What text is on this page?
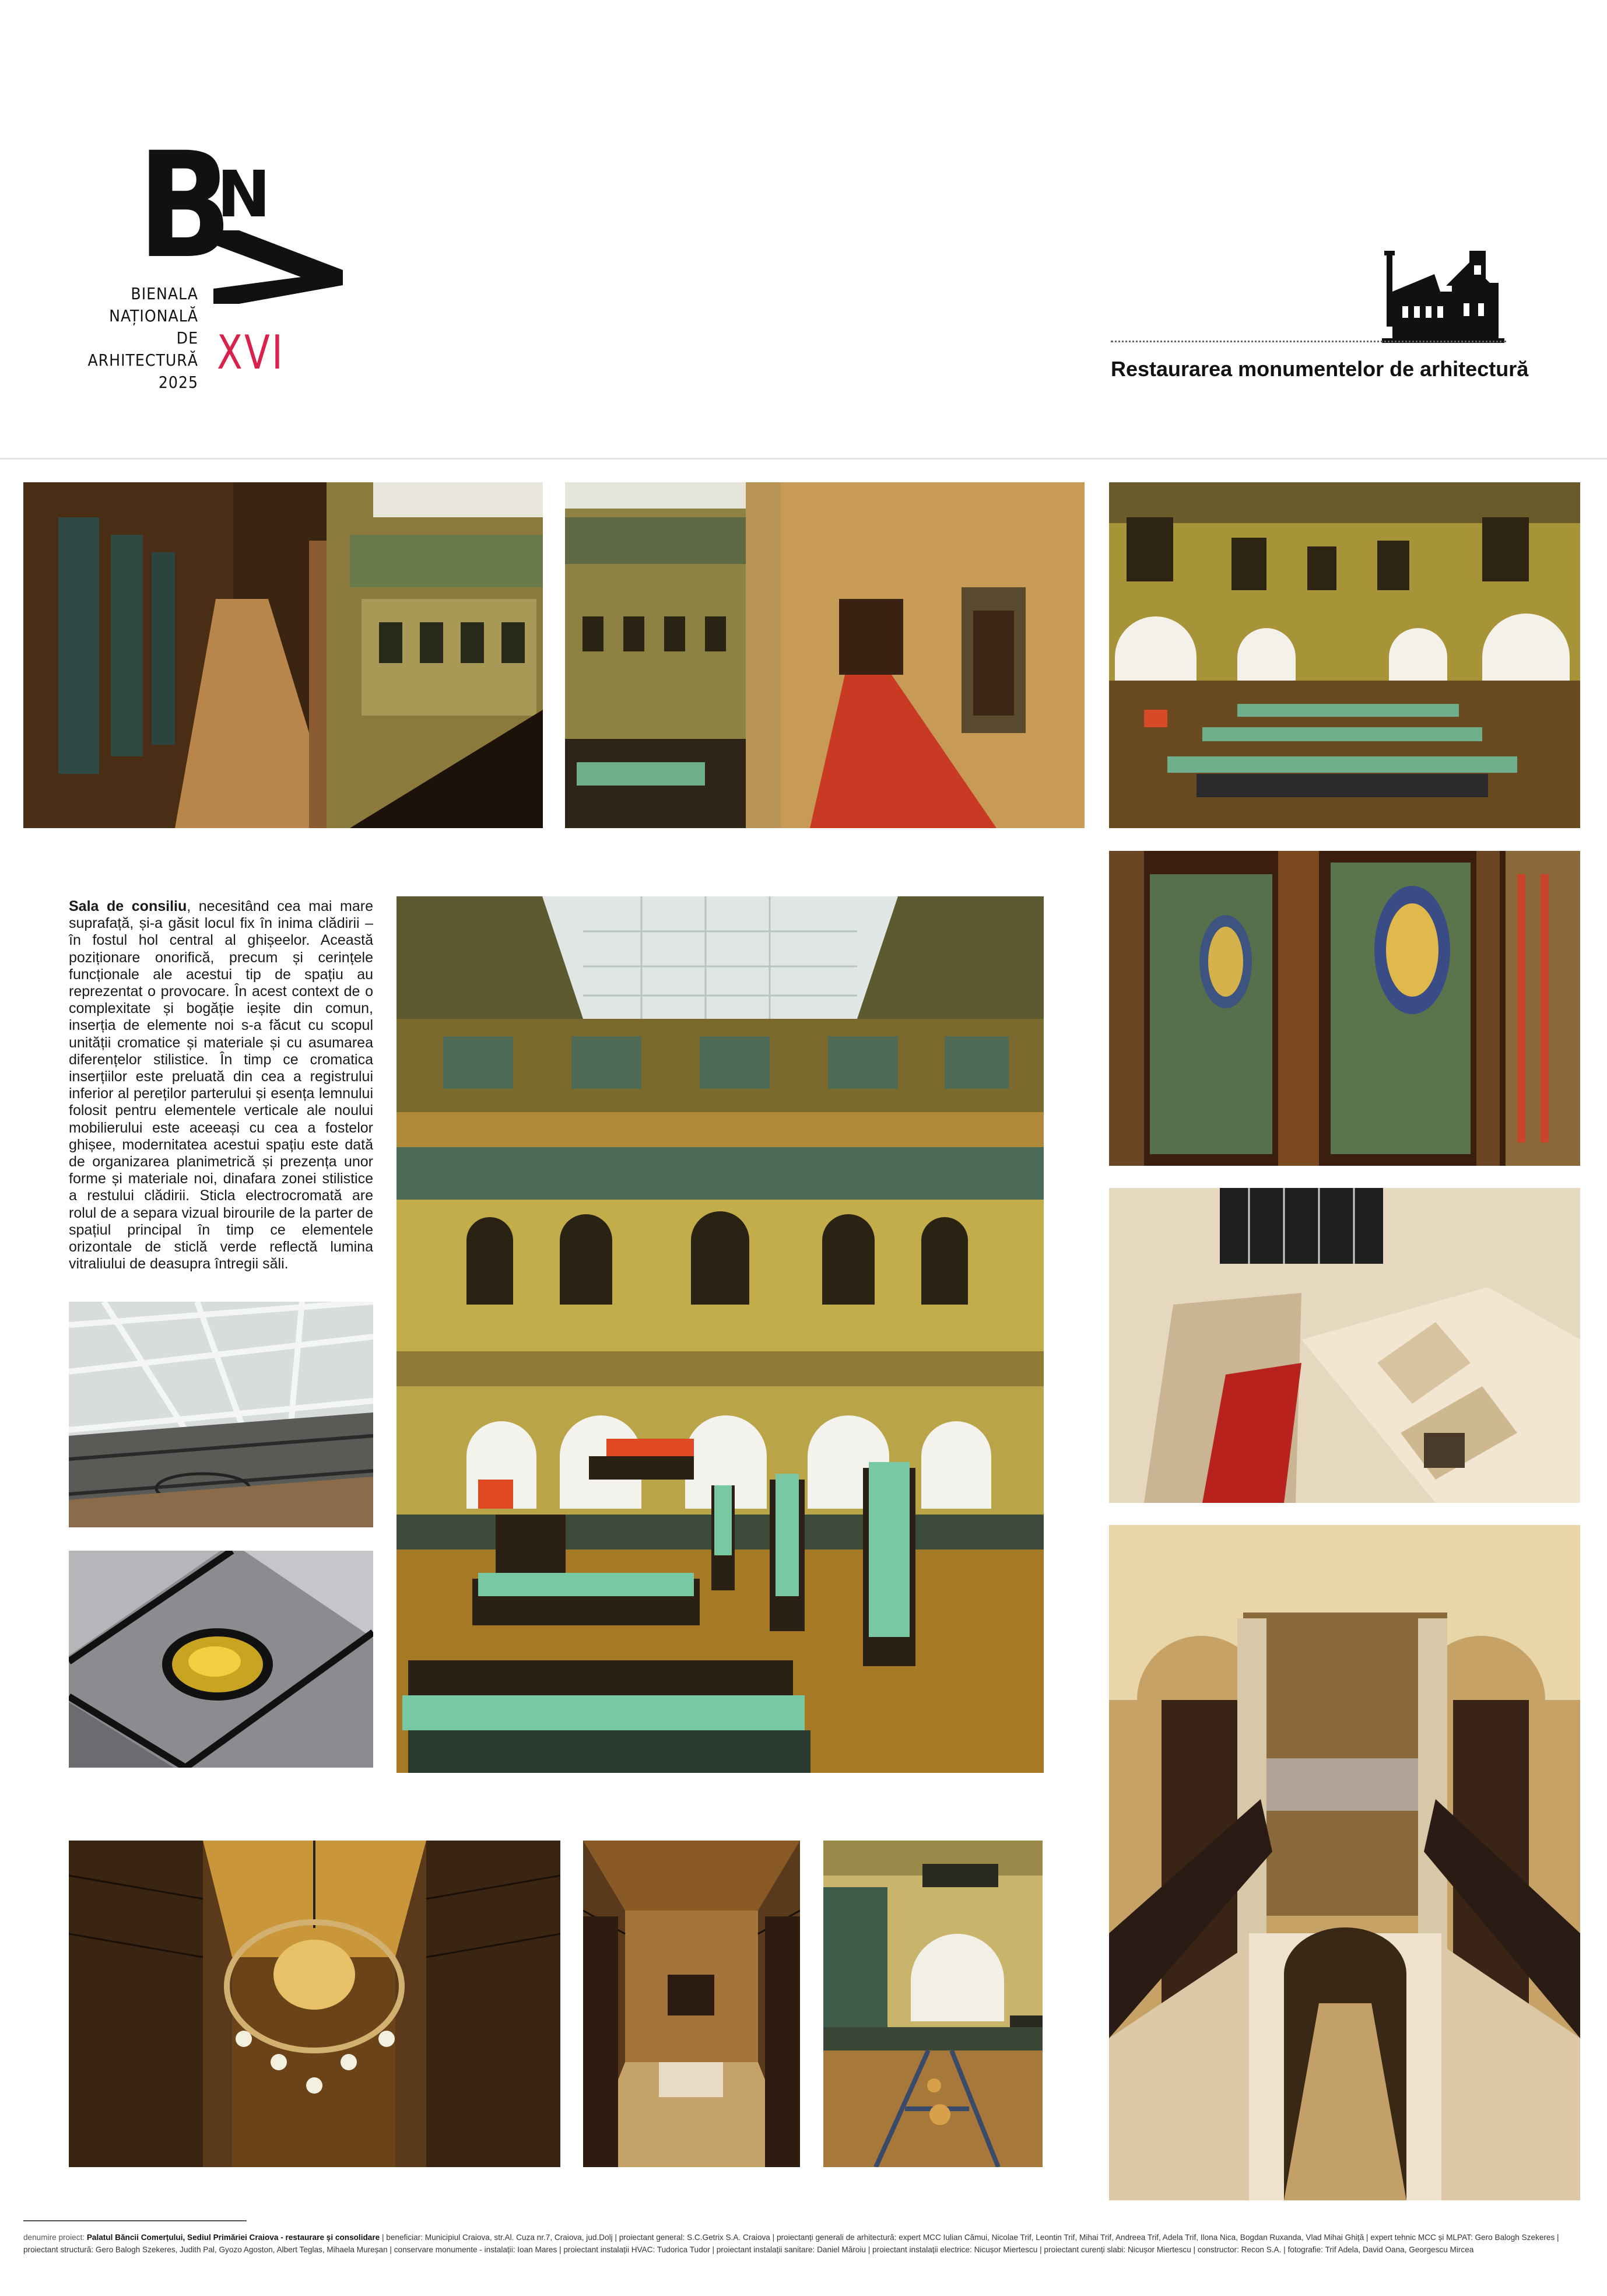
B
N
BIENALA
NAȚIONALĂ
DE
ARHITECTURĂ
2025
XVI	Restaurarea monumentelor de arhitectură
Sala de consiliu, necesitând cea mai mare suprafață, și-a găsit locul fix în inima clădirii – în fostul hol central al ghișeelor. Această poziționare onorifică, precum și cerințele funcționale ale acestui tip de spațiu au reprezentat o provocare. În acest context de o complexitate și bogăție ieșite din comun, inserția de elemente noi s-a făcut cu scopul unității cromatice și materiale și cu asumarea diferențelor stilistice. În timp ce cromatica inserțiilor este preluată din cea a registrului inferior al pereților parterului și esența lemnului folosit pentru elementele verticale ale noului mobilierului este aceeași cu cea a fostelor ghișee, modernitatea acestui spațiu este dată de organizarea planimetrică și prezența unor forme și materiale noi, dinafara zonei stilistice a restului clădirii. Sticla electrocromată are rolul de a separa vizual birourile de la parter de spațiul principal în timp ce elementele orizontale de sticlă verde reflectă lumina vitraliului de deasupra întregii săli.
denumire proiect: Palatul Băncii Comerțului, Sediul Primăriei Craiova - restaurare și consolidare | beneficiar: Municipiul Craiova, str.Al. Cuza nr.7, Craiova, jud.Dolj | proiectant general: S.C.Getrix S.A. Craiova | proiectanți generali de arhitectură: expert MCC Iulian Cămui, Nicolae Trif, Leontin Trif, Mihai Trif, Andreea Trif, Adela Trif, Ilona Nica, Bogdan Ruxanda, Vlad Mihai Ghiță | expert tehnic MCC și MLPAT: Gero Balogh Szekeres | proiectant structură: Gero Balogh Szekeres, Judith Pal, Gyozo Agoston, Albert Teglas, Mihaela Mureșan | conservare monumente - instalații: Ioan Mares | proiectant instalații HVAC: Tudorica Tudor | proiectant instalații sanitare: Daniel Măroiu | proiectant instalații electrice: Nicușor Miertescu | proiectant curenți slabi: Nicușor Miertescu | constructor: Recon S.A. | fotografie: Trif Adela, David Oana, Georgescu Mircea
